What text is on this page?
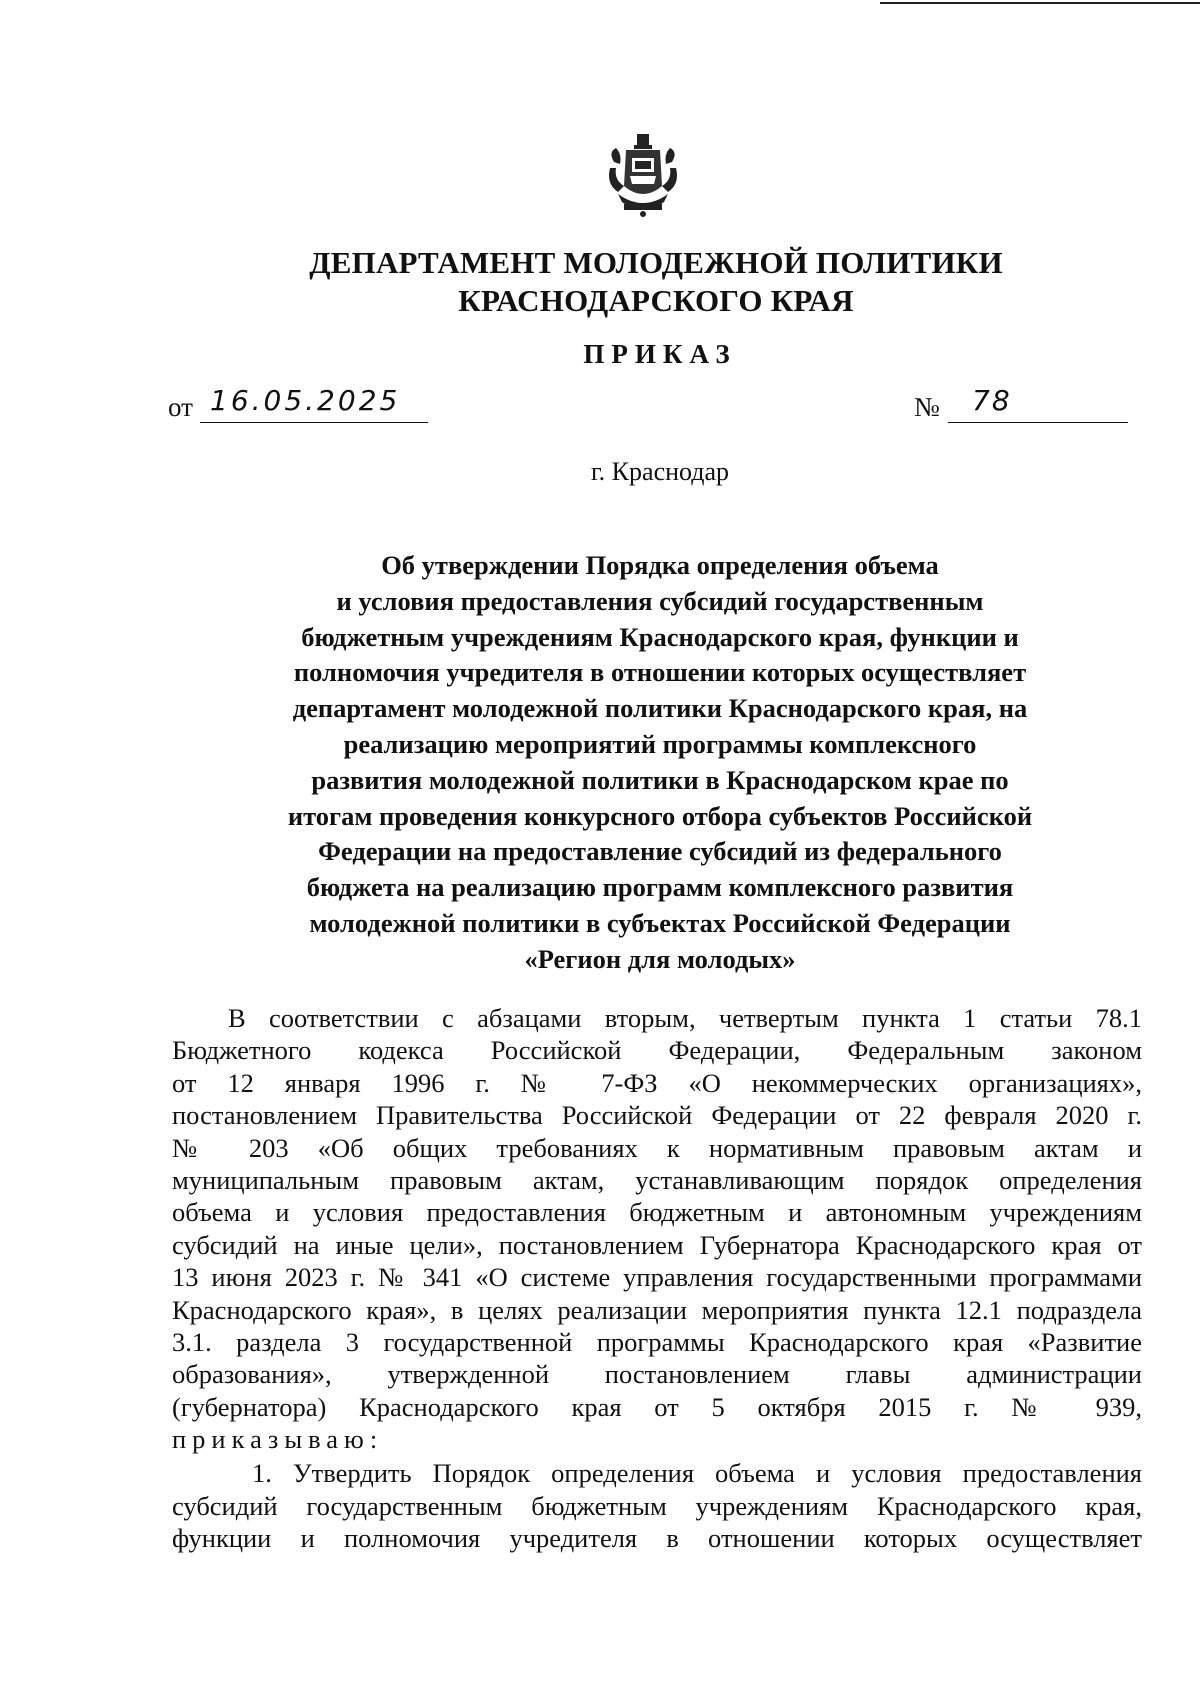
ДЕПАРТАМЕНТ МОЛОДЕЖНОЙ ПОЛИТИКИ
КРАСНОДАРСКОГО КРАЯ
ПРИКАЗ
от 16.05.2025	№ 78
г. Краснодар
Об утверждении Порядка определения объема
и условия предоставления субсидий государственным
бюджетным учреждениям Краснодарского края, функции и
полномочия учредителя в отношении которых осуществляет
департамент молодежной политики Краснодарского края, на
реализацию мероприятий программы комплексного
развития молодежной политики в Краснодарском крае по
итогам проведения конкурсного отбора субъектов Российской
Федерации на предоставление субсидий из федерального
бюджета на реализацию программ комплексного развития
молодежной политики в субъектах Российской Федерации
«Регион для молодых»
В соответствии с абзацами вторым, четвертым пункта 1 статьи 78.1
Бюджетного кодекса Российской Федерации, Федеральным законом
от 12 января 1996 г. № 7-ФЗ «О некоммерческих организациях»,
постановлением Правительства Российской Федерации от 22 февраля 2020 г.
№ 203 «Об общих требованиях к нормативным правовым актам и
муниципальным правовым актам, устанавливающим порядок определения
объема и условия предоставления бюджетным и автономным учреждениям
субсидий на иные цели», постановлением Губернатора Краснодарского края от
13 июня 2023 г. № 341 «О системе управления государственными программами
Краснодарского края», в целях реализации мероприятия пункта 12.1 подраздела
3.1. раздела 3 государственной программы Краснодарского края «Развитие
образования», утвержденной постановлением главы администрации
(губернатора) Краснодарского края от 5 октября 2015 г. № 939,
приказываю:
1. Утвердить Порядок определения объема и условия предоставления
субсидий государственным бюджетным учреждениям Краснодарского края,
функции и полномочия учредителя в отношении которых осуществляет
